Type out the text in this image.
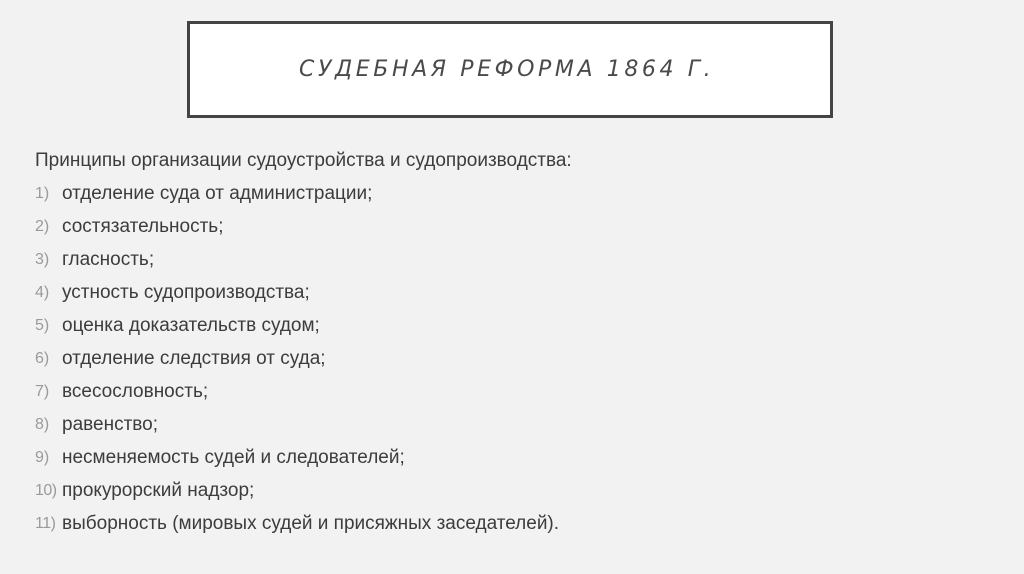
СУДЕБНАЯ РЕФОРМА 1864 Г.
Принципы организации судоустройства и судопроизводства:
1) отделение суда от администрации;
2) состязательность;
3) гласность;
4) устность судопроизводства;
5) оценка доказательств судом;
6) отделение следствия от суда;
7) всесословность;
8) равенство;
9) несменяемость судей и следователей;
10) прокурорский надзор;
11) выборность (мировых судей и присяжных заседателей).
